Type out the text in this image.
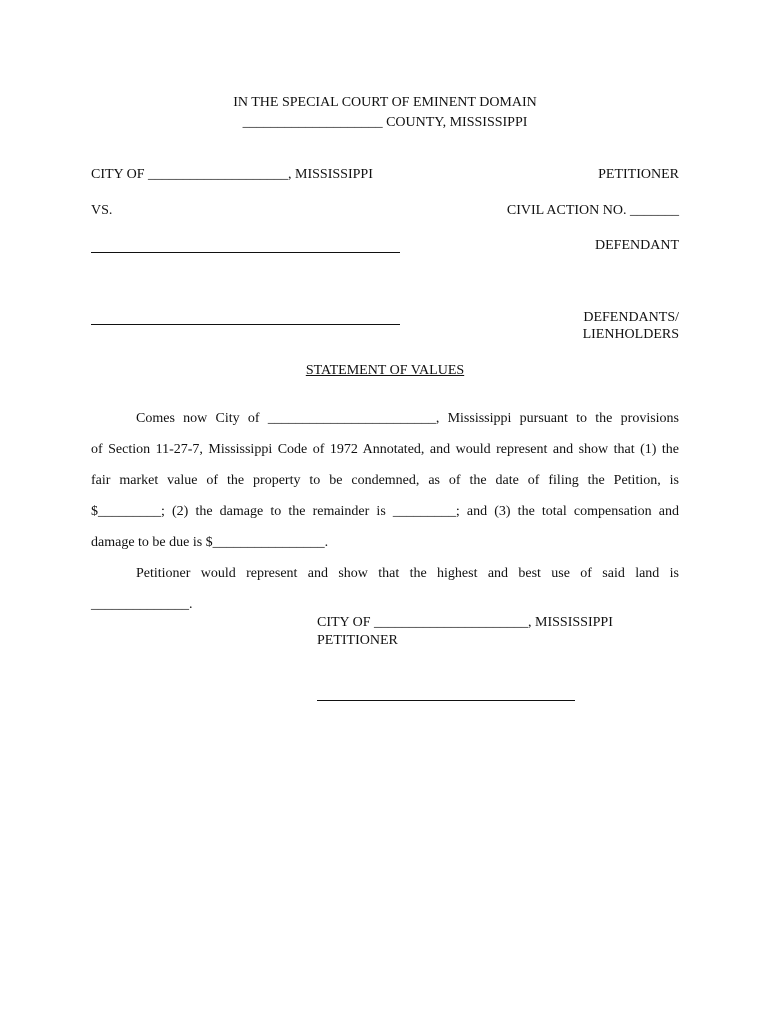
IN THE SPECIAL COURT OF EMINENT DOMAIN
____________________ COUNTY, MISSISSIPPI
CITY OF ____________________, MISSISSIPPI	PETITIONER
VS.	CIVIL ACTION NO. _______
DEFENDANT
DEFENDANTS/
LIENHOLDERS
STATEMENT OF VALUES
Comes now City of ________________________, Mississippi pursuant to the provisions
of Section 11-27-7, Mississippi Code of 1972 Annotated, and would represent and show that (1) the
fair market value of the property to be condemned, as of the date of filing the Petition, is
$_________; (2) the damage to the remainder is _________; and (3) the total compensation and
damage to be due is $________________.
Petitioner would represent and show that the highest and best use of said land is
______________.
CITY OF ______________________, MISSISSIPPI
PETITIONER
